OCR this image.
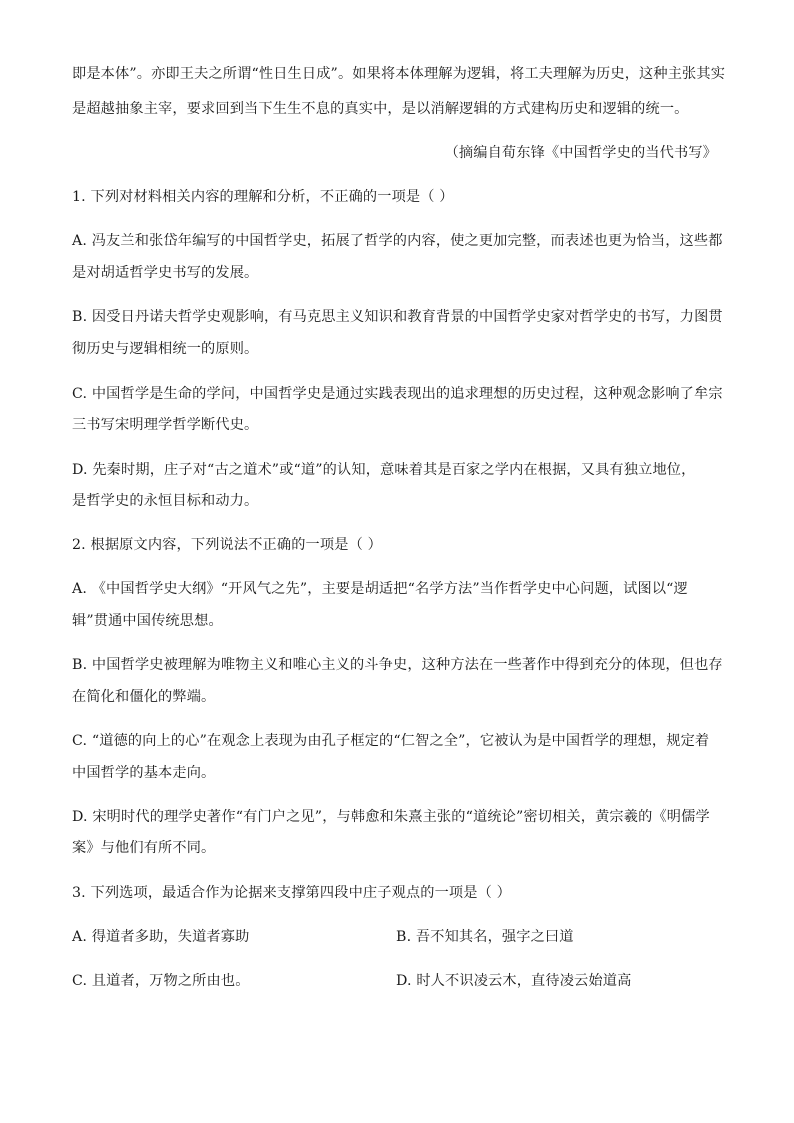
即是本体”。亦即王夫之所谓“性日生日成”。如果将本体理解为逻辑，将工夫理解为历史，这种主张其实
是超越抽象主宰，要求回到当下生生不息的真实中，是以消解逻辑的方式建构历史和逻辑的统一。
（摘编自荀东锋《中国哲学史的当代书写》
1. 下列对材料相关内容的理解和分析，不正确的一项是（ ）
A. 冯友兰和张岱年编写的中国哲学史，拓展了哲学的内容，使之更加完整，而表述也更为恰当，这些都
是对胡适哲学史书写的发展。
B. 因受日丹诺夫哲学史观影响，有马克思主义知识和教育背景的中国哲学史家对哲学史的书写，力图贯
彻历史与逻辑相统一的原则。
C. 中国哲学是生命的学问，中国哲学史是通过实践表现出的追求理想的历史过程，这种观念影响了牟宗
三书写宋明理学哲学断代史。
D. 先秦时期，庄子对“古之道术”或“道”的认知，意味着其是百家之学内在根据，又具有独立地位，
是哲学史的永恒目标和动力。
2. 根据原文内容，下列说法不正确的一项是（ ）
A. 《中国哲学史大纲》“开风气之先”，主要是胡适把“名学方法”当作哲学史中心问题，试图以“逻
辑”贯通中国传统思想。
B. 中国哲学史被理解为唯物主义和唯心主义的斗争史，这种方法在一些著作中得到充分的体现，但也存
在简化和僵化的弊端。
C. “道德的向上的心”在观念上表现为由孔子框定的“仁智之全”，它被认为是中国哲学的理想，规定着
中国哲学的基本走向。
D. 宋明时代的理学史著作“有门户之见”，与韩愈和朱熹主张的“道统论”密切相关，黄宗羲的《明儒学
案》与他们有所不同。
3. 下列选项，最适合作为论据来支撑第四段中庄子观点的一项是（ ）
A. 得道者多助，失道者寡助	B. 吾不知其名，强字之曰道
C. 且道者，万物之所由也。	D. 时人不识凌云木，直待凌云始道高
